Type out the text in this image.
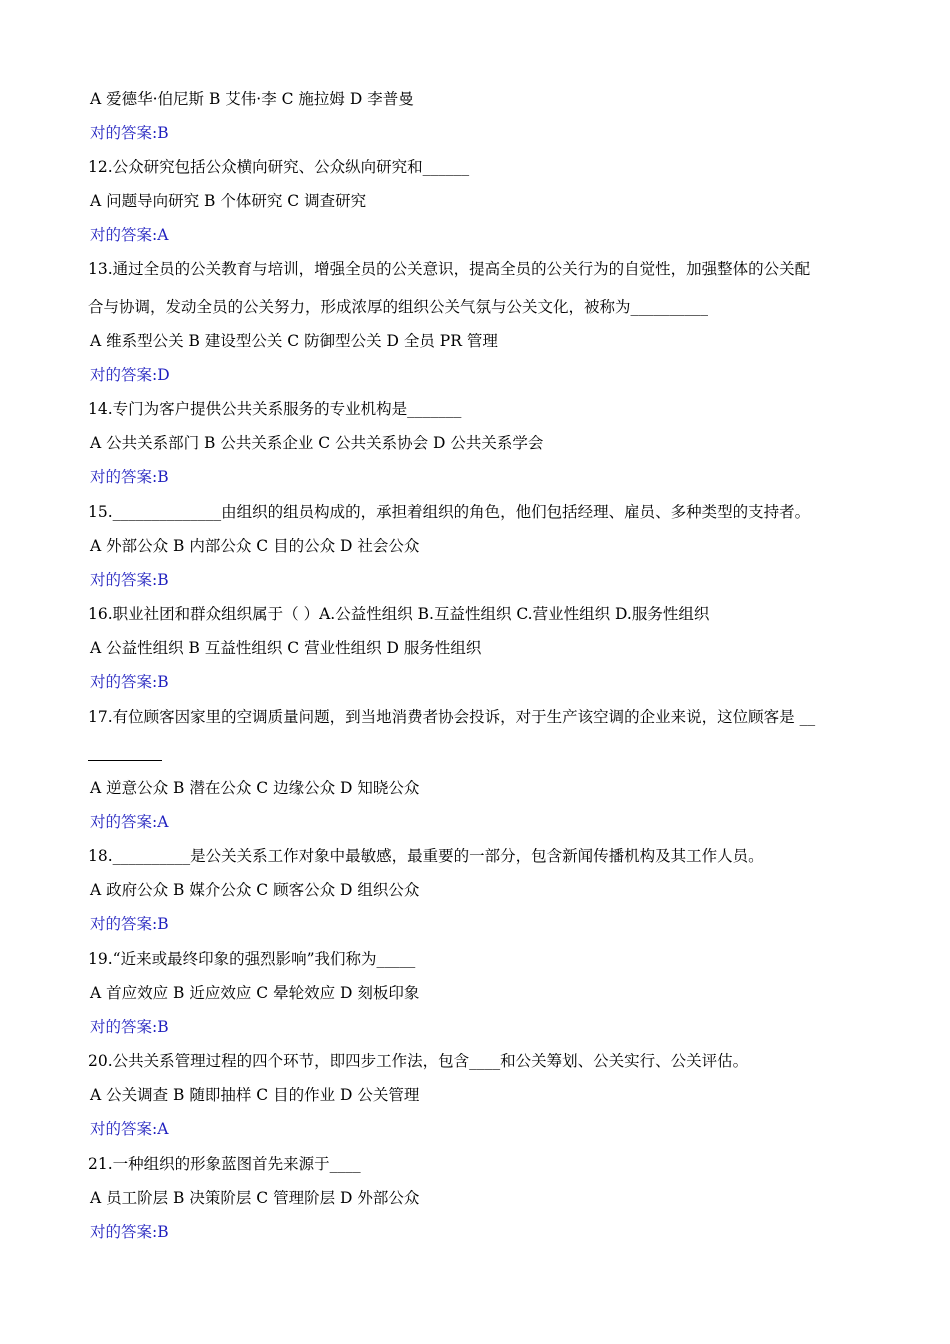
A 爱德华·伯尼斯 B 艾伟·李 C 施拉姆 D 李普曼
对的答案:B
12.公众研究包括公众横向研究、公众纵向研究和______
A 问题导向研究 B 个体研究 C 调查研究
对的答案:A
13.通过全员的公关教育与培训，增强全员的公关意识，提高全员的公关行为的自觉性，加强整体的公关配
合与协调，发动全员的公关努力，形成浓厚的组织公关气氛与公关文化，被称为__________
A 维系型公关 B 建设型公关 C 防御型公关 D 全员 PR 管理
对的答案:D
14.专门为客户提供公共关系服务的专业机构是_______
A 公共关系部门 B 公共关系企业 C 公共关系协会 D 公共关系学会
对的答案:B
15.______________由组织的组员构成的，承担着组织的角色，他们包括经理、雇员、多种类型的支持者。
A 外部公众 B 内部公众 C 目的公众 D 社会公众
对的答案:B
16.职业社团和群众组织属于（ ）A.公益性组织 B.互益性组织 C.营业性组织 D.服务性组织
A 公益性组织 B 互益性组织 C 营业性组织 D 服务性组织
对的答案:B
17.有位顾客因家里的空调质量问题，到当地消费者协会投诉，对于生产该空调的企业来说，这位顾客是 __
A 逆意公众 B 潜在公众 C 边缘公众 D 知晓公众
对的答案:A
18.__________是公关关系工作对象中最敏感，最重要的一部分，包含新闻传播机构及其工作人员。
A 政府公众 B 媒介公众 C 顾客公众 D 组织公众
对的答案:B
19.“近来或最终印象的强烈影响”我们称为_____
A 首应效应 B 近应效应 C 晕轮效应 D 刻板印象
对的答案:B
20.公共关系管理过程的四个环节，即四步工作法，包含____和公关筹划、公关实行、公关评估。
A 公关调查 B 随即抽样 C 目的作业 D 公关管理
对的答案:A
21.一种组织的形象蓝图首先来源于____
A 员工阶层 B 决策阶层 C 管理阶层 D 外部公众
对的答案:B
